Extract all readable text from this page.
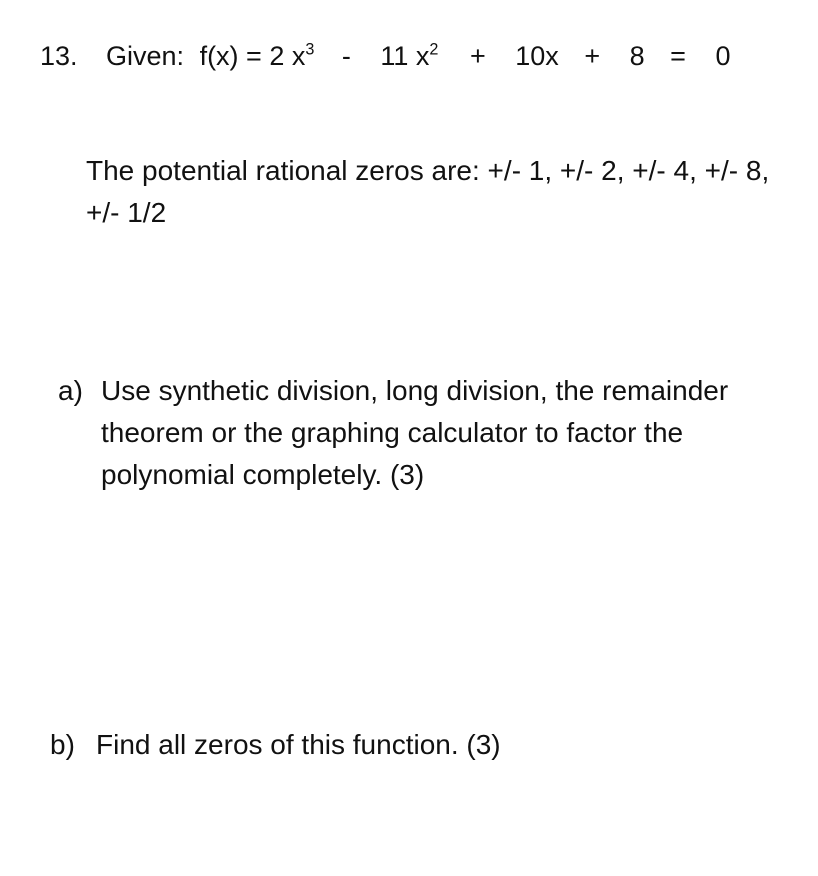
13. Given: f(x) = 2 $x^3 - 11$ $x^2 + 10x + 8 = 0$
The potential rational zeros are: +/- 1, +/- 2, +/- 4, +/- 8, +/- 1/2
a) Use synthetic division, long division, the remainder theorem or the graphing calculator to factor the polynomial completely. (3)
b) Find all zeros of this function. (3)
